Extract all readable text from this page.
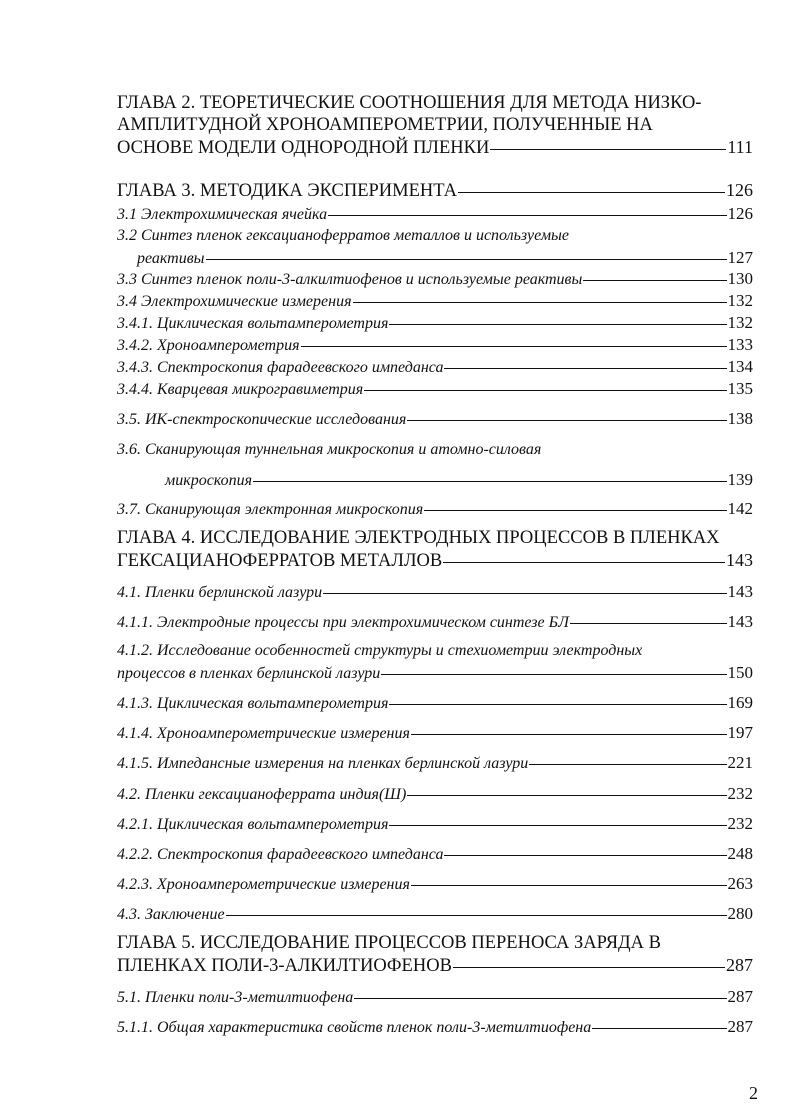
ГЛАВА 2. ТЕОРЕТИЧЕСКИЕ СООТНОШЕНИЯ ДЛЯ МЕТОДА НИЗКО-
АМПЛИТУДНОЙ ХРОНОАМПЕРОМЕТРИИ, ПОЛУЧЕННЫЕ НА
ОСНОВЕ МОДЕЛИ ОДНОРОДНОЙ ПЛЕНКИ	111
ГЛАВА 3. МЕТОДИКА ЭКСПЕРИМЕНТА	126
3.1 Электрохимическая ячейка	126
3.2 Синтез пленок гексацианоферратов металлов и используемые
реактивы	127
3.3 Синтез пленок поли-3-алкилтиофенов и используемые реактивы	130
3.4 Электрохимические измерения	132
3.4.1. Циклическая вольтамперометрия	132
3.4.2. Хроноамперометрия	133
3.4.3. Спектроскопия фарадеевского импеданса	134
3.4.4. Кварцевая микрогравиметрия	135
3.5. ИК-спектроскопические исследования	138
3.6. Сканирующая туннельная микроскопия и атомно-силовая
микроскопия	139
3.7. Сканирующая электронная микроскопия	142
ГЛАВА 4. ИССЛЕДОВАНИЕ ЭЛЕКТРОДНЫХ ПРОЦЕССОВ В ПЛЕНКАХ
ГЕКСАЦИАНОФЕРРАТОВ МЕТАЛЛОВ	143
4.1. Пленки берлинской лазури	143
4.1.1. Электродные процессы при электрохимическом синтезе БЛ	143
4.1.2. Исследование особенностей структуры и стехиометрии электродных
процессов в пленках берлинской лазури	150
4.1.3. Циклическая вольтамперометрия	169
4.1.4. Хроноамперометрические измерения	197
4.1.5. Импедансные измерения на пленках берлинской лазури	221
4.2. Пленки гексацианоферрата индия(Ш)	232
4.2.1. Циклическая вольтамперометрия	232
4.2.2. Спектроскопия фарадеевского импеданса	248
4.2.3. Хроноамперометрические измерения	263
4.3. Заключение	280
ГЛАВА 5. ИССЛЕДОВАНИЕ ПРОЦЕССОВ ПЕРЕНОСА ЗАРЯДА В
ПЛЕНКАХ ПОЛИ-3-АЛКИЛТИОФЕНОВ	287
5.1. Пленки поли-3-метилтиофена	287
5.1.1. Общая характеристика свойств пленок поли-3-метилтиофена	287
2
